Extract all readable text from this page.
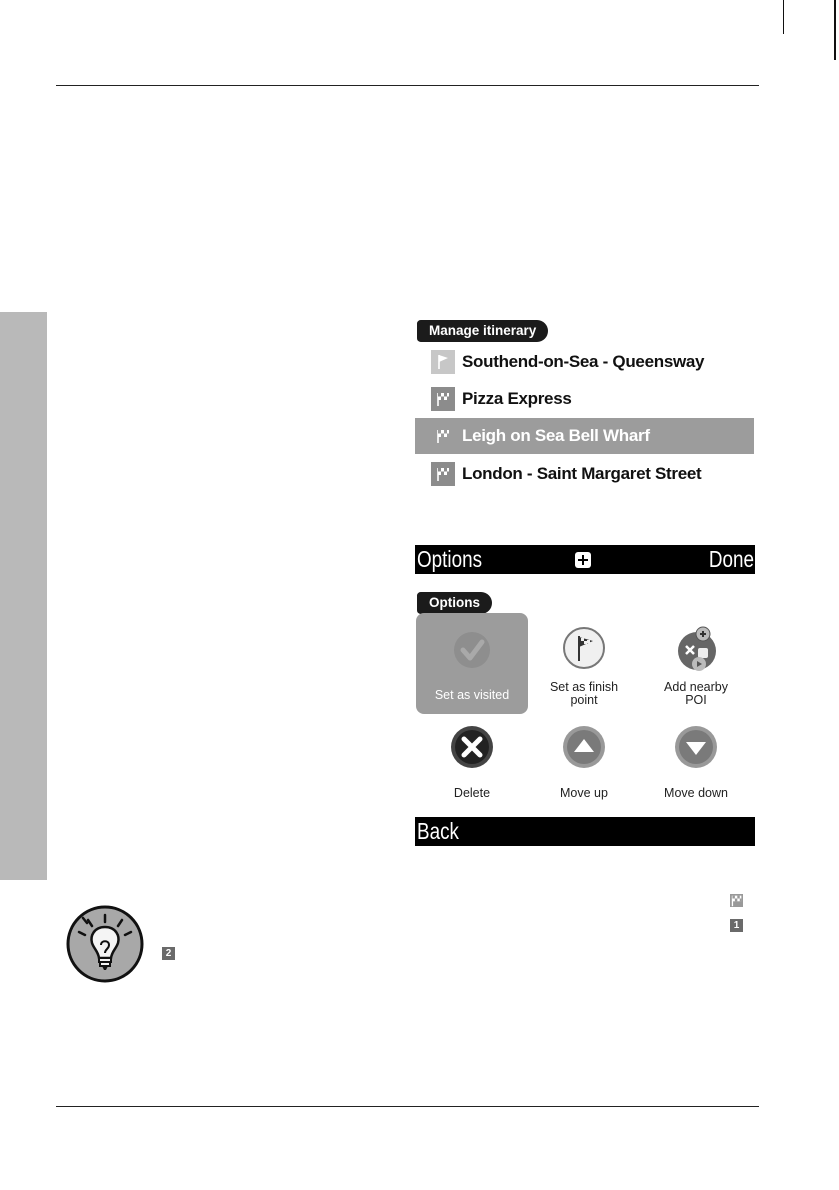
Manage itinerary
Southend-on-Sea - Queensway
Pizza Express
Leigh on Sea Bell Wharf
London - Saint Margaret Street
Options	Done
Options
Set as visited
Set as finish point
Add nearby POI
Delete	Move up	Move down
Back
1
2
